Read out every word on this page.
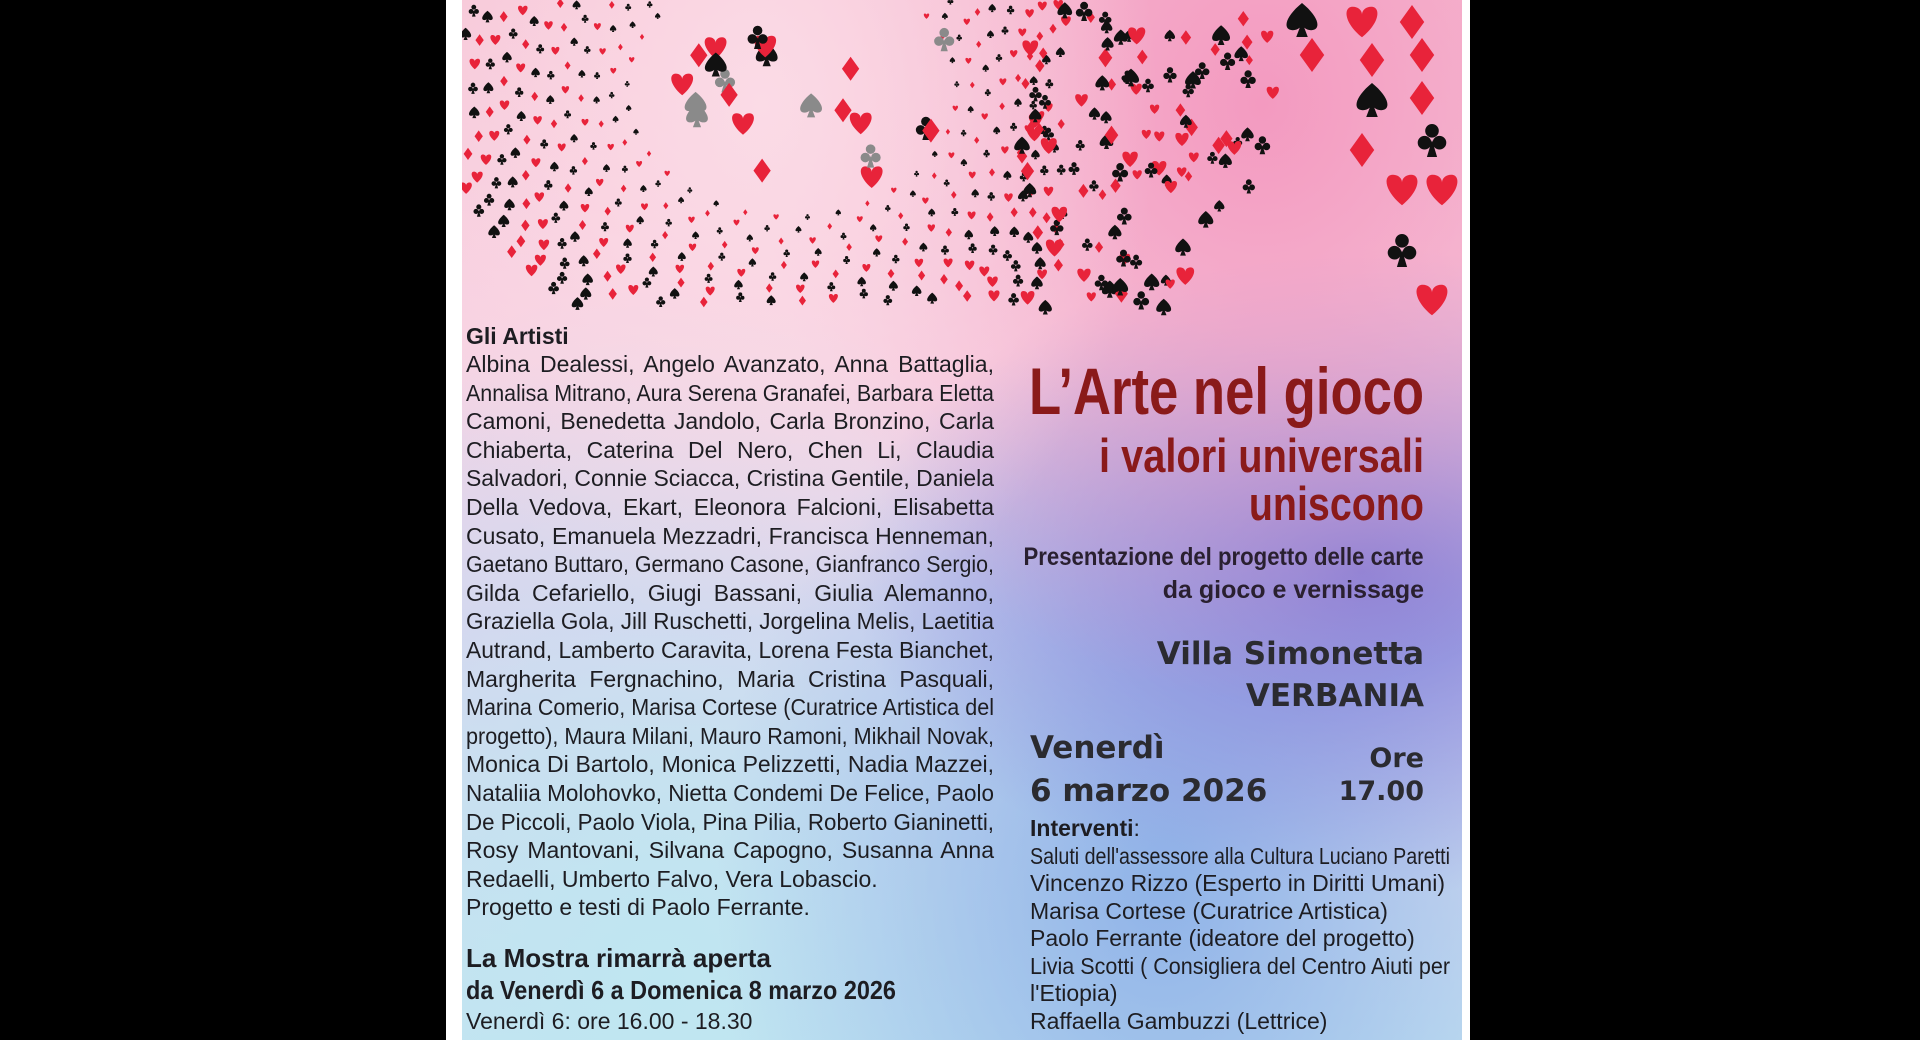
Gli Artisti
Albina Dealessi, Angelo Avanzato, Anna Battaglia,
Annalisa Mitrano, Aura Serena Granafei, Barbara Eletta
Camoni, Benedetta Jandolo, Carla Bronzino, Carla
Chiaberta, Caterina Del Nero, Chen Li, Claudia
Salvadori, Connie Sciacca, Cristina Gentile, Daniela
Della Vedova, Ekart, Eleonora Falcioni, Elisabetta
Cusato, Emanuela Mezzadri, Francisca Henneman,
Gaetano Buttaro, Germano Casone, Gianfranco Sergio,
Gilda Cefariello, Giugi Bassani, Giulia Alemanno,
Graziella Gola, Jill Ruschetti, Jorgelina Melis, Laetitia
Autrand, Lamberto Caravita, Lorena Festa Bianchet,
Margherita Fergnachino, Maria Cristina Pasquali,
Marina Comerio, Marisa Cortese (Curatrice Artistica del
progetto), Maura Milani, Mauro Ramoni, Mikhail Novak,
Monica Di Bartolo, Monica Pelizzetti, Nadia Mazzei,
Nataliia Molohovko, Nietta Condemi De Felice, Paolo
De Piccoli, Paolo Viola, Pina Pilia, Roberto Gianinetti,
Rosy Mantovani, Silvana Capogno, Susanna Anna
Redaelli, Umberto Falvo, Vera Lobascio.
Progetto e testi di Paolo Ferrante.
La Mostra rimarrà aperta
da Venerdì 6 a Domenica 8 marzo 2026
Venerdì 6: ore 16.00 - 18.30
L’Arte nel gioco
i valori universali
uniscono
Presentazione del progetto delle carte
da gioco e vernissage
Villa Simonetta
VERBANIA
Venerdì
6 marzo 2026
Ore
17.00
Interventi:
Saluti dell'assessore alla Cultura Luciano Paretti
Vincenzo Rizzo (Esperto in Diritti Umani)
Marisa Cortese (Curatrice Artistica)
Paolo Ferrante (ideatore del progetto)
Livia Scotti ( Consigliera del Centro Aiuti per
l'Etiopia)
Raffaella Gambuzzi (Lettrice)
